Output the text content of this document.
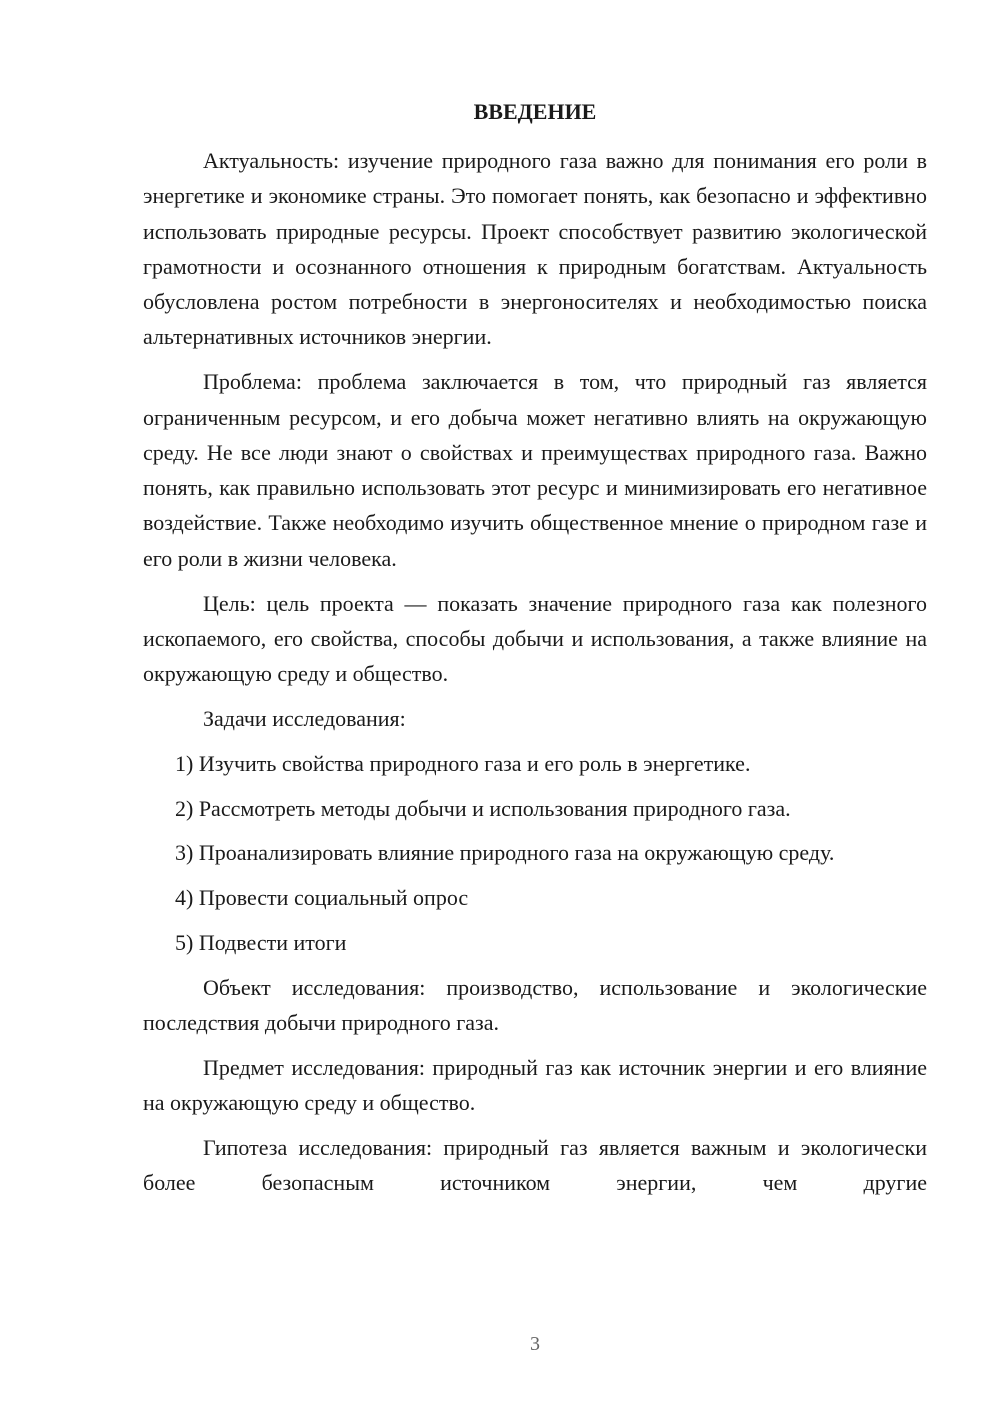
ВВЕДЕНИЕ

Актуальность: изучение природного газа важно для понимания его роли в энергетике и экономике страны. Это помогает понять, как безопасно и эффективно использовать природные ресурсы. Проект способствует развитию экологической грамотности и осознанного отношения к природным богатствам. Актуальность обусловлена ростом потребности в энергоносителях и необходимостью поиска альтернативных источников энергии.

Проблема: проблема заключается в том, что природный газ является ограниченным ресурсом, и его добыча может негативно влиять на окружающую среду. Не все люди знают о свойствах и преимуществах природного газа. Важно понять, как правильно использовать этот ресурс и минимизировать его негативное воздействие. Также необходимо изучить общественное мнение о природном газе и его роли в жизни человека.

Цель: цель проекта — показать значение природного газа как полезного ископаемого, его свойства, способы добычи и использования, а также влияние на окружающую среду и общество.

Задачи исследования:

1) Изучить свойства природного газа и его роль в энергетике.

2) Рассмотреть методы добычи и использования природного газа.

3) Проанализировать влияние природного газа на окружающую среду.

4) Провести социальный опрос

5) Подвести итоги

Объект исследования: производство, использование и экологические последствия добычи природного газа.

Предмет исследования: природный газ как источник энергии и его влияние на окружающую среду и общество.

Гипотеза исследования: природный газ является важным и экологически более безопасным источником энергии, чем другие

3
